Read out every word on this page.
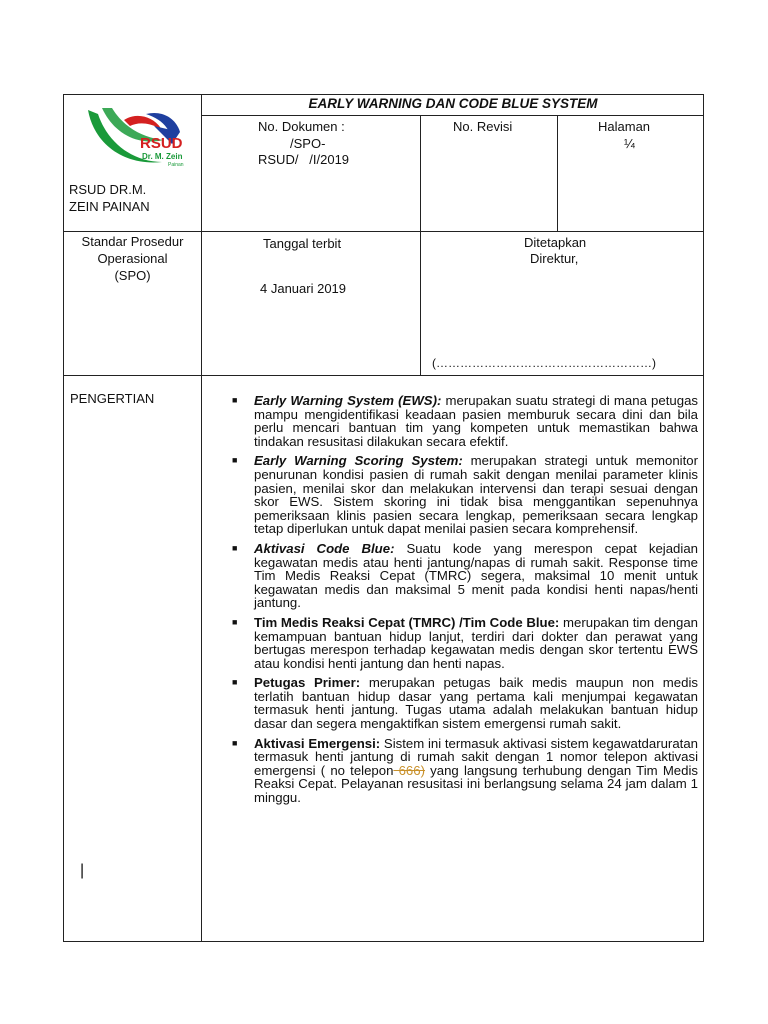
EARLY WARNING DAN CODE BLUE SYSTEM
RSUD
Dr. M. Zein
Painan
RSUD DR.M.
ZEIN PAINAN
No. Dokumen :
/SPO-
RSUD/   /I/2019
No. Revisi	Halaman
¼
Standar Prosedur
Operasional
(SPO)
Tanggal terbit
4 Januari 2019
Ditetapkan
Direktur,
(………………………………………………)
PENGERTIAN
|
■ Early Warning System (EWS): merupakan suatu strategi di mana petugas mampu mengidentifikasi keadaan pasien memburuk secara dini dan bila perlu mencari bantuan tim yang kompeten untuk memastikan bahwa tindakan resusitasi dilakukan secara efektif.
■ Early Warning Scoring System: merupakan strategi untuk memonitor penurunan kondisi pasien di rumah sakit dengan menilai parameter klinis pasien, menilai skor dan melakukan intervensi dan terapi sesuai dengan skor EWS. Sistem skoring ini tidak bisa menggantikan sepenuhnya pemeriksaan klinis pasien secara lengkap, pemeriksaan secara lengkap tetap diperlukan untuk dapat menilai pasien secara komprehensif.
■ Aktivasi Code Blue: Suatu kode yang merespon cepat kejadian kegawatan medis atau henti jantung/napas di rumah sakit. Response time Tim Medis Reaksi Cepat (TMRC) segera, maksimal 10 menit untuk kegawatan medis dan maksimal 5 menit pada kondisi henti napas/henti jantung.
■ Tim Medis Reaksi Cepat (TMRC) /Tim Code Blue: merupakan tim dengan kemampuan bantuan hidup lanjut, terdiri dari dokter dan perawat yang bertugas merespon terhadap kegawatan medis dengan skor tertentu EWS atau kondisi henti jantung dan henti napas.
■ Petugas Primer: merupakan petugas baik medis maupun non medis terlatih bantuan hidup dasar yang pertama kali menjumpai kegawatan termasuk henti jantung. Tugas utama adalah melakukan bantuan hidup dasar dan segera mengaktifkan sistem emergensi rumah sakit.
■ Aktivasi Emergensi: Sistem ini termasuk aktivasi sistem kegawatdaruratan termasuk henti jantung di rumah sakit dengan 1 nomor telepon aktivasi emergensi ( no telepon 666) yang langsung terhubung dengan Tim Medis Reaksi Cepat. Pelayanan resusitasi ini berlangsung selama 24 jam dalam 1 minggu.
